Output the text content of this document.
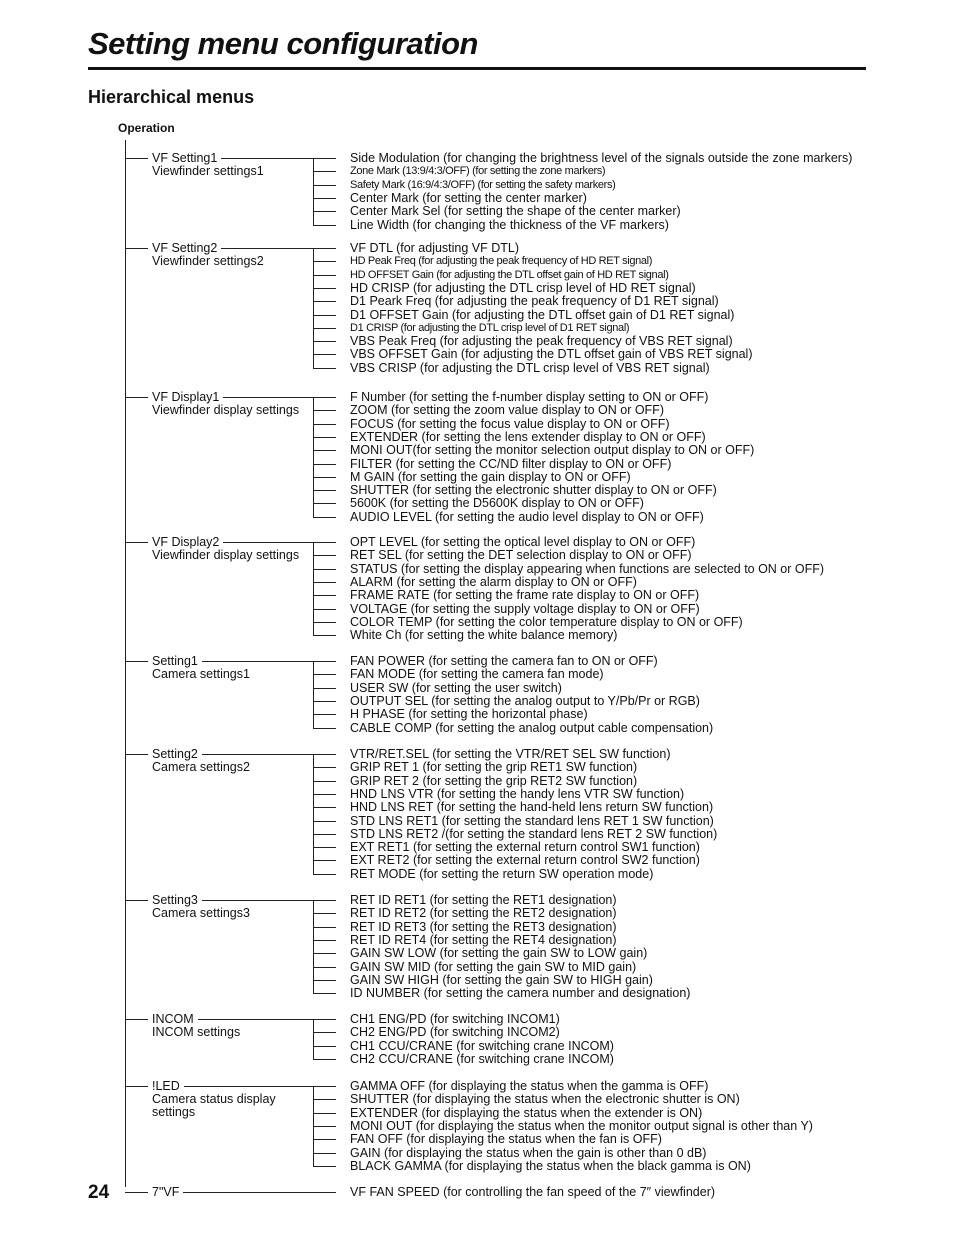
Setting menu configuration
Hierarchical menus
Operation
VF Setting1
Viewfinder settings1
Side Modulation (for changing the brightness level of the signals outside the zone markers)
Zone Mark (13:9/4:3/OFF) (for setting the zone markers)
Safety Mark (16:9/4:3/OFF) (for setting the safety markers)
Center Mark (for setting the center marker)
Center Mark Sel (for setting the shape of the center marker)
Line Width (for changing the thickness of the VF markers)
VF Setting2
Viewfinder settings2
VF DTL (for adjusting VF DTL)
HD Peak Freq (for adjusting the peak frequency of HD RET signal)
HD OFFSET Gain (for adjusting the DTL offset gain of HD RET signal)
HD CRISP (for adjusting the DTL crisp level of HD RET signal)
D1 Peark Freq (for adjusting the peak frequency of D1 RET signal)
D1 OFFSET Gain (for adjusting the DTL offset gain of D1 RET signal)
D1 CRISP (for adjusting the DTL crisp level of D1 RET signal)
VBS Peak Freq (for adjusting the peak frequency of VBS RET signal)
VBS OFFSET Gain (for adjusting the DTL offset gain of VBS RET signal)
VBS CRISP (for adjusting the DTL crisp level of VBS RET signal)
VF Display1
Viewfinder display settings
F Number (for setting the f-number display setting to ON or OFF)
ZOOM (for setting the zoom value display to ON or OFF)
FOCUS (for setting the focus value display to ON or OFF)
EXTENDER (for setting the lens extender display to ON or OFF)
MONI OUT(for setting the monitor selection output display to ON or OFF)
FILTER (for setting the CC/ND filter display to ON or OFF)
M GAIN (for setting the gain display to ON or OFF)
SHUTTER (for setting the electronic shutter display to ON or OFF)
5600K (for setting the D5600K display to ON or OFF)
AUDIO LEVEL (for setting the audio level display to ON or OFF)
VF Display2
Viewfinder display settings
OPT LEVEL (for setting the optical level display to ON or OFF)
RET SEL (for setting the DET selection display to ON or OFF)
STATUS (for setting the display appearing when functions are selected to ON or OFF)
ALARM (for setting the alarm display to ON or OFF)
FRAME RATE (for setting the frame rate display to ON or OFF)
VOLTAGE (for setting the supply voltage display to ON or OFF)
COLOR TEMP (for setting the color temperature display to ON or OFF)
White Ch (for setting the white balance memory)
Setting1
Camera settings1
FAN POWER (for setting the camera fan to ON or OFF)
FAN MODE (for setting the camera fan mode)
USER SW (for setting the user switch)
OUTPUT SEL (for setting the analog output to Y/Pb/Pr or RGB)
H PHASE (for setting the horizontal phase)
CABLE COMP (for setting the analog output cable compensation)
Setting2
Camera settings2
VTR/RET.SEL (for setting the VTR/RET SEL SW function)
GRIP RET 1 (for setting the grip RET1 SW function)
GRIP RET 2 (for setting the grip RET2 SW function)
HND LNS VTR (for setting the handy lens VTR SW function)
HND LNS RET (for setting the hand-held lens return SW function)
STD LNS RET1 (for setting the standard lens RET 1 SW function)
STD LNS RET2 /(for setting the standard lens RET 2 SW function)
EXT RET1 (for setting the external return control SW1 function)
EXT RET2 (for setting the external return control SW2 function)
RET MODE (for setting the return SW operation mode)
Setting3
Camera settings3
RET ID RET1 (for setting the RET1 designation)
RET ID RET2 (for setting the RET2 designation)
RET ID RET3 (for setting the RET3 designation)
RET ID RET4 (for setting the RET4 designation)
GAIN SW LOW (for setting the gain SW to LOW gain)
GAIN SW MID (for setting the gain SW to MID gain)
GAIN SW HIGH (for setting the gain SW to HIGH gain)
ID NUMBER (for setting the camera number and designation)
INCOM
INCOM settings
CH1 ENG/PD (for switching INCOM1)
CH2 ENG/PD (for switching INCOM2)
CH1 CCU/CRANE (for switching crane INCOM)
CH2 CCU/CRANE (for switching crane INCOM)
!LED
Camera status display
settings
GAMMA OFF (for displaying the status when the gamma is OFF)
SHUTTER (for displaying the status when the electronic shutter is ON)
EXTENDER (for displaying the status when the extender is ON)
MONI OUT (for displaying the status when the monitor output signal is other than Y)
FAN OFF (for displaying the status when the fan is OFF)
GAIN (for displaying the status when the gain is other than 0 dB)
BLACK GAMMA (for displaying the status when the black gamma is ON)
7"VF	VF FAN SPEED (for controlling the fan speed of the 7″ viewfinder)
24
